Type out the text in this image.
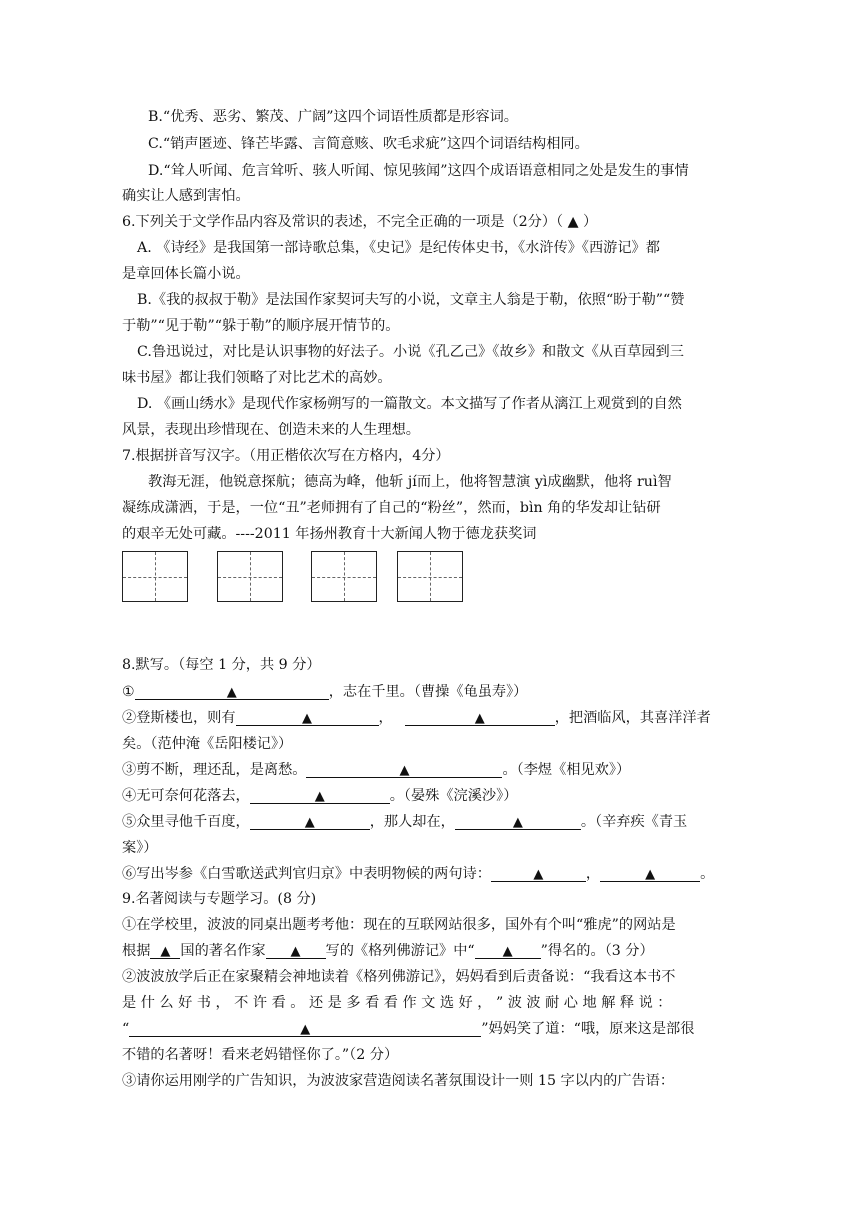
B.“优秀、恶劣、繁茂、广阔”这四个词语性质都是形容词。
C.“销声匿迹、锋芒毕露、言简意赅、吹毛求疵”这四个词语结构相同。
D.“耸人听闻、危言耸听、骇人听闻、惊见骇闻”这四个成语语意相同之处是发生的事情
确实让人感到害怕。
6.下列关于文学作品内容及常识的表述，不完全正确的一项是（2分）（ ▲ ）
A. 《诗经》是我国第一部诗歌总集，《史记》是纪传体史书，《水浒传》《西游记》都
是章回体长篇小说。
B.《我的叔叔于勒》是法国作家契诃夫写的小说，文章主人翁是于勒，依照“盼于勒”“赞
于勒”“见于勒”“躲于勒”的顺序展开情节的。
C.鲁迅说过，对比是认识事物的好法子。小说《孔乙己》《故乡》和散文《从百草园到三
味书屋》都让我们领略了对比艺术的高妙。
D. 《画山绣水》是现代作家杨朔写的一篇散文。本文描写了作者从漓江上观赏到的自然
风景，表现出珍惜现在、创造未来的人生理想。
7.根据拼音写汉字。（用正楷依次写在方格内，4分）
教海无涯，他锐意探航；德高为峰，他斩 jí而上，他将智慧演 yì成幽默，他将 ruì智
凝练成潇洒，于是，一位“丑”老师拥有了自己的“粉丝”，然而，bìn 角的华发却让钻研
的艰辛无处可藏。----2011 年扬州教育十大新闻人物于德龙获奖词
8.默写。（每空 1 分，共 9 分）
①	▲	，志在千里。（曹操《龟虽寿》）
②登斯楼也，则有	▲	，	▲	，把酒临风，其喜洋洋者
矣。（范仲淹《岳阳楼记》）
③剪不断，理还乱，是离愁。	▲	。（李煜《相见欢》）
④无可奈何花落去，	▲	。（晏殊《浣溪沙》）
⑤众里寻他千百度，	▲	，那人却在，	▲	。（辛弃疾《青玉
案》）
⑥写出岑参《白雪歌送武判官归京》中表明物候的两句诗：	▲	，	▲	。
9.名著阅读与专题学习。(8 分)
①在学校里，波波的同桌出题考考他：现在的互联网站很多，国外有个叫“雅虎”的网站是
根据 ▲ 国的著名作家 ▲ 写的《格列佛游记》中“ ▲ ”得名的。（3 分）
②波波放学后正在家聚精会神地读着《格列佛游记》，妈妈看到后责备说：“我看这本书不
是 什 么 好 书 ， 不 许 看 。 还 是 多 看 看 作 文 选 好 ， ” 波 波 耐 心 地 解 释 说 ：
“	▲	”妈妈笑了道：“哦，原来这是部很
不错的名著呀！看来老妈错怪你了。”（2 分）
③请你运用刚学的广告知识，为波波家营造阅读名著氛围设计一则 15 字以内的广告语：
